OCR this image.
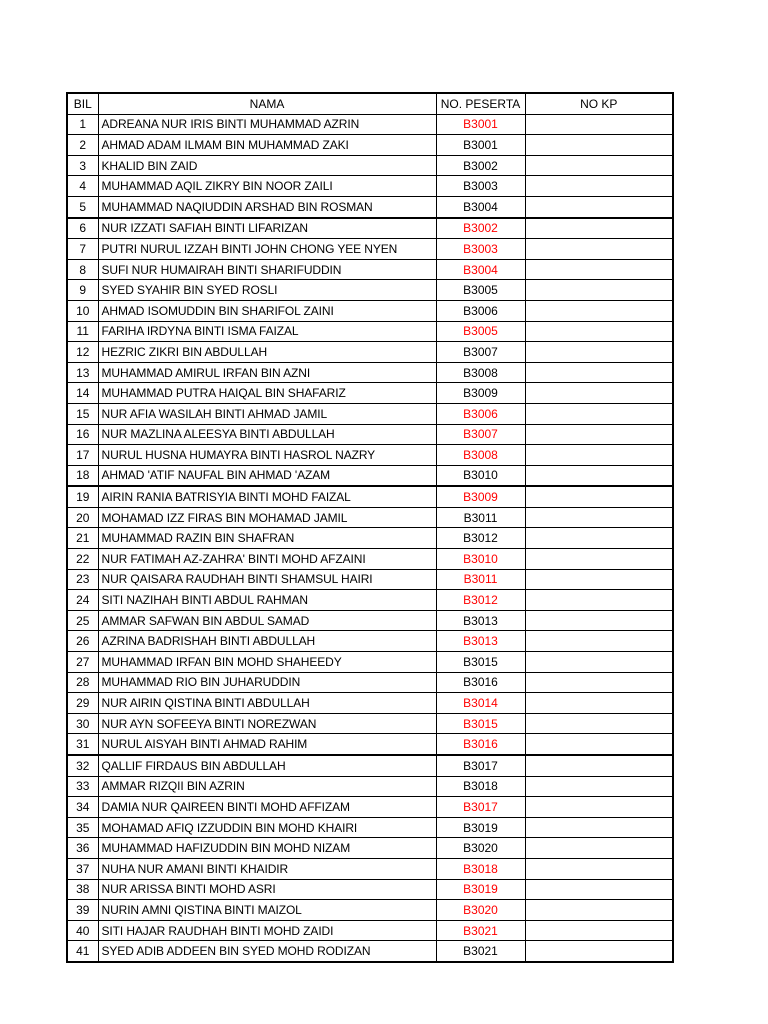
BIL	NAMA	NO. PESERTA	NO KP
1	ADREANA NUR IRIS BINTI MUHAMMAD AZRIN	B3001	
2	AHMAD ADAM ILMAM BIN MUHAMMAD ZAKI	B3001	
3	KHALID BIN ZAID	B3002	
4	MUHAMMAD AQIL ZIKRY BIN NOOR ZAILI	B3003	
5	MUHAMMAD NAQIUDDIN ARSHAD BIN ROSMAN	B3004	
6	NUR IZZATI SAFIAH BINTI LIFARIZAN	B3002	
7	PUTRI NURUL IZZAH BINTI JOHN CHONG YEE NYEN	B3003	
8	SUFI NUR HUMAIRAH BINTI SHARIFUDDIN	B3004	
9	SYED SYAHIR BIN SYED ROSLI	B3005	
10	AHMAD ISOMUDDIN BIN SHARIFOL ZAINI	B3006	
11	FARIHA IRDYNA BINTI ISMA FAIZAL	B3005	
12	HEZRIC ZIKRI BIN ABDULLAH	B3007	
13	MUHAMMAD AMIRUL IRFAN BIN AZNI	B3008	
14	MUHAMMAD PUTRA HAIQAL BIN SHAFARIZ	B3009	
15	NUR AFIA WASILAH BINTI AHMAD JAMIL	B3006	
16	NUR MAZLINA ALEESYA BINTI ABDULLAH	B3007	
17	NURUL HUSNA HUMAYRA BINTI HASROL NAZRY	B3008	
18	AHMAD 'ATIF NAUFAL BIN AHMAD 'AZAM	B3010	
19	AIRIN RANIA BATRISYIA BINTI MOHD FAIZAL	B3009	
20	MOHAMAD IZZ FIRAS BIN MOHAMAD JAMIL	B3011	
21	MUHAMMAD RAZIN BIN SHAFRAN	B3012	
22	NUR FATIMAH AZ-ZAHRA' BINTI MOHD AFZAINI	B3010	
23	NUR QAISARA RAUDHAH BINTI SHAMSUL HAIRI	B3011	
24	SITI NAZIHAH BINTI ABDUL RAHMAN	B3012	
25	AMMAR SAFWAN BIN ABDUL SAMAD	B3013	
26	AZRINA BADRISHAH BINTI ABDULLAH	B3013	
27	MUHAMMAD IRFAN BIN MOHD SHAHEEDY	B3015	
28	MUHAMMAD RIO BIN JUHARUDDIN	B3016	
29	NUR AIRIN QISTINA BINTI ABDULLAH	B3014	
30	NUR AYN SOFEEYA BINTI NOREZWAN	B3015	
31	NURUL AISYAH BINTI AHMAD RAHIM	B3016	
32	QALLIF FIRDAUS BIN ABDULLAH	B3017	
33	AMMAR RIZQII BIN AZRIN	B3018	
34	DAMIA NUR QAIREEN BINTI MOHD AFFIZAM	B3017	
35	MOHAMAD AFIQ IZZUDDIN BIN MOHD KHAIRI	B3019	
36	MUHAMMAD HAFIZUDDIN BIN MOHD NIZAM	B3020	
37	NUHA NUR AMANI BINTI KHAIDIR	B3018	
38	NUR ARISSA BINTI MOHD ASRI	B3019	
39	NURIN AMNI QISTINA BINTI MAIZOL	B3020	
40	SITI HAJAR RAUDHAH BINTI MOHD ZAIDI	B3021	
41	SYED ADIB ADDEEN BIN SYED MOHD RODIZAN	B3021	
